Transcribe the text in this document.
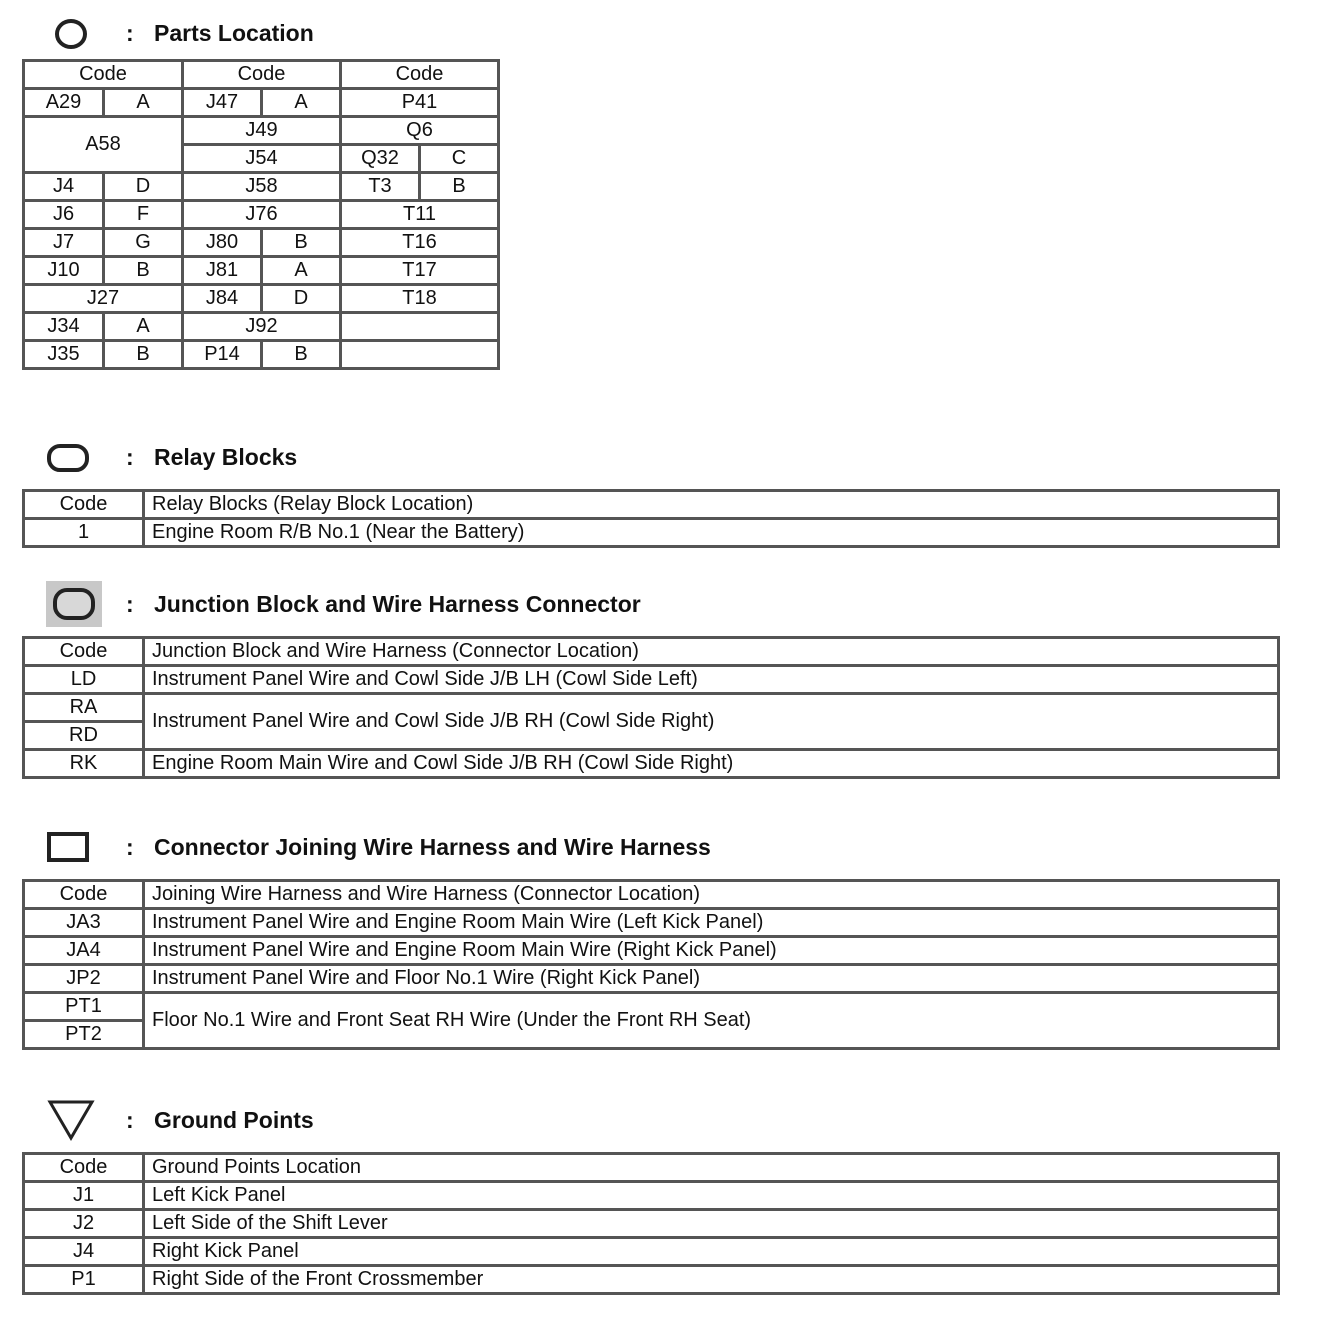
: Parts Location
Code		Code		Code	
A29	A	J47	A	P41	
A58		J49		Q6	
		J54		Q32	C
J4	D	J58		T3	B
J6	F	J76		T11	
J7	G	J80	B	T16	
J10	B	J81	A	T17	
J27		J84	D	T18	
J34	A	J92			
J35	B	P14	B		
: Relay Blocks
Code	Relay Blocks (Relay Block Location)
1	Engine Room R/B No.1 (Near the Battery)
: Junction Block and Wire Harness Connector
Code	Junction Block and Wire Harness (Connector Location)
LD	Instrument Panel Wire and Cowl Side J/B LH (Cowl Side Left)
RA	Instrument Panel Wire and Cowl Side J/B RH (Cowl Side Right)
RD	
RK	Engine Room Main Wire and Cowl Side J/B RH (Cowl Side Right)
: Connector Joining Wire Harness and Wire Harness
Code	Joining Wire Harness and Wire Harness (Connector Location)
JA3	Instrument Panel Wire and Engine Room Main Wire (Left Kick Panel)
JA4	Instrument Panel Wire and Engine Room Main Wire (Right Kick Panel)
JP2	Instrument Panel Wire and Floor No.1 Wire (Right Kick Panel)
PT1	Floor No.1 Wire and Front Seat RH Wire (Under the Front RH Seat)
PT2	
: Ground Points
Code	Ground Points Location
J1	Left Kick Panel
J2	Left Side of the Shift Lever
J4	Right Kick Panel
P1	Right Side of the Front Crossmember
